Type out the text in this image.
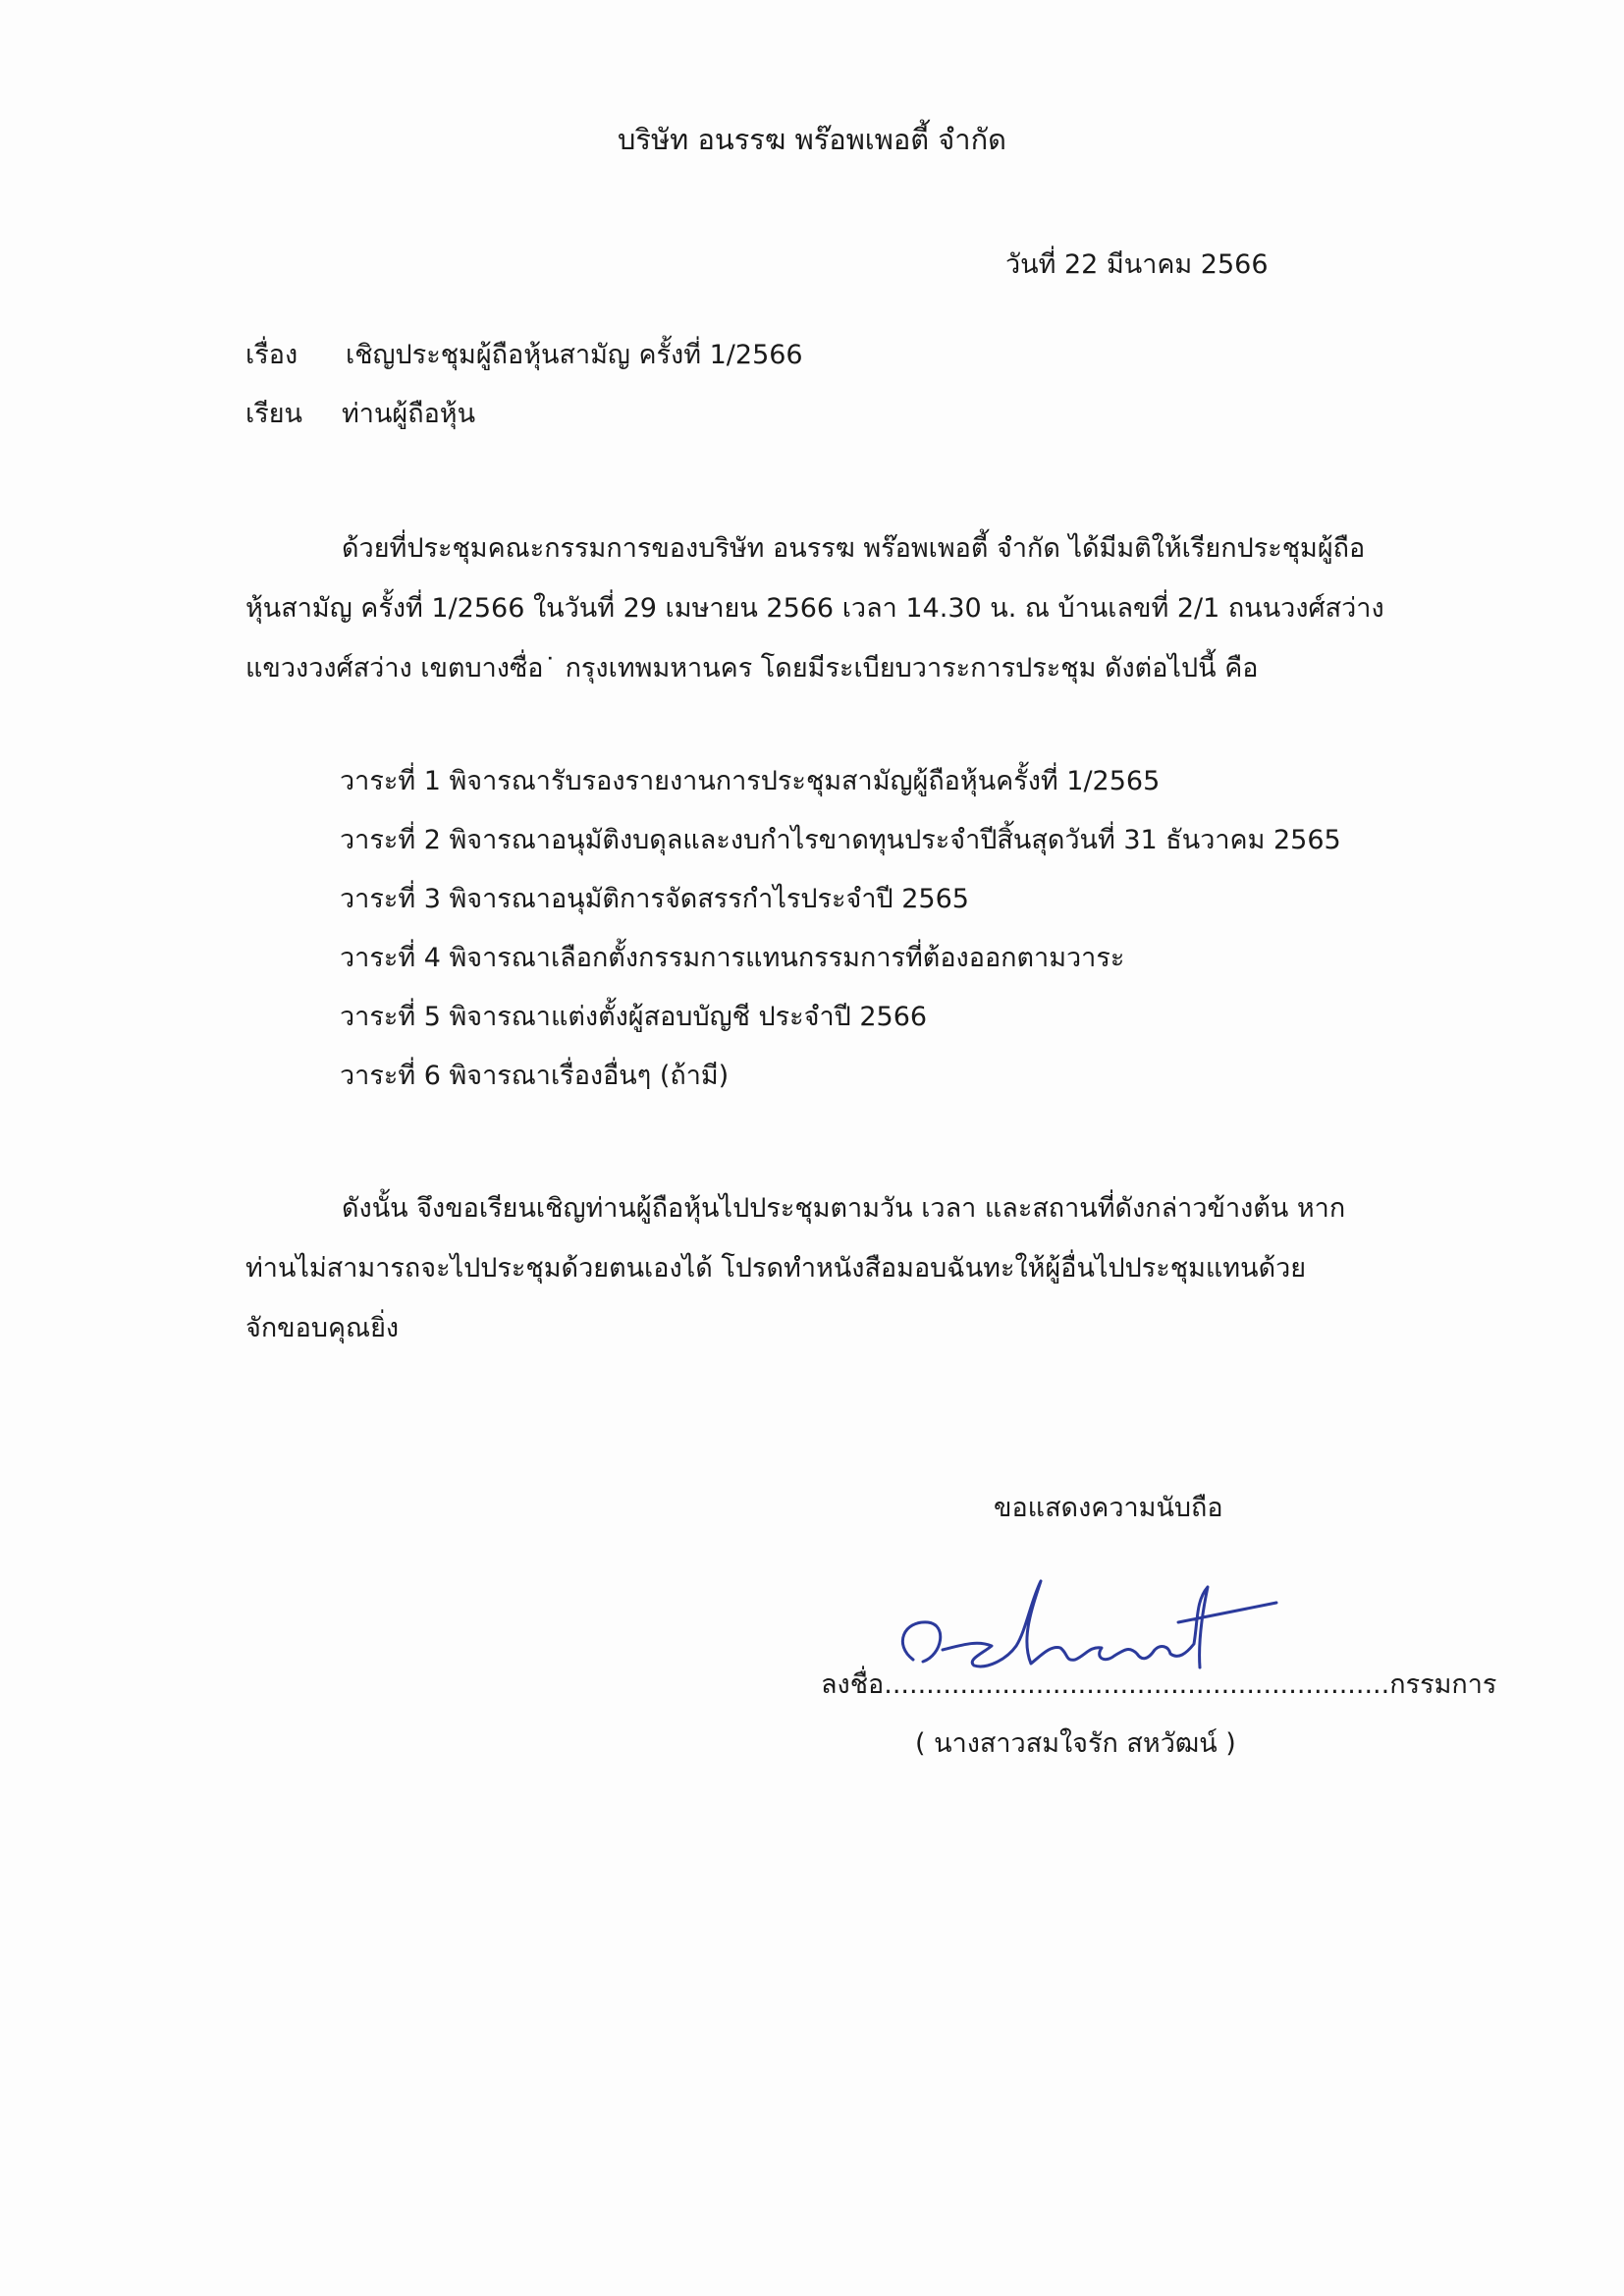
บริษัท อนรรฆ พร๊อพเพอตี้ จำกัด
วันที่ 22 มีนาคม 2566
เรื่อง เชิญประชุมผู้ถือหุ้นสามัญ ครั้งที่ 1/2566
เรียน ท่านผู้ถือหุ้น
ด้วยที่ประชุมคณะกรรมการของบริษัท อนรรฆ พร๊อพเพอตี้ จำกัด ได้มีมติให้เรียกประชุมผู้ถือ
หุ้นสามัญ ครั้งที่ 1/2566 ในวันที่ 29 เมษายน 2566 เวลา 14.30 น. ณ บ้านเลขที่ 2/1 ถนนวงศ์สว่าง
แขวงวงศ์สว่าง เขตบางซื่อ˙ กรุงเทพมหานคร โดยมีระเบียบวาระการประชุม ดังต่อไปนี้ คือ
วาระที่ 1 พิจารณารับรองรายงานการประชุมสามัญผู้ถือหุ้นครั้งที่ 1/2565
วาระที่ 2 พิจารณาอนุมัติงบดุลและงบกำไรขาดทุนประจำปีสิ้นสุดวันที่ 31 ธันวาคม 2565
วาระที่ 3 พิจารณาอนุมัติการจัดสรรกำไรประจำปี 2565
วาระที่ 4 พิจารณาเลือกตั้งกรรมการแทนกรรมการที่ต้องออกตามวาระ
วาระที่ 5 พิจารณาแต่งตั้งผู้สอบบัญชี ประจำปี 2566
วาระที่ 6 พิจารณาเรื่องอื่นๆ (ถ้ามี)
ดังนั้น จึงขอเรียนเชิญท่านผู้ถือหุ้นไปประชุมตามวัน เวลา และสถานที่ดังกล่าวข้างต้น หาก
ท่านไม่สามารถจะไปประชุมด้วยตนเองได้ โปรดทำหนังสือมอบฉันทะให้ผู้อื่นไปประชุมแทนด้วย
จักขอบคุณยิ่ง
ขอแสดงความนับถือ
ลงชื่อ............................................................กรรมการ
( นางสาวสมใจรัก สหวัฒน์ )
